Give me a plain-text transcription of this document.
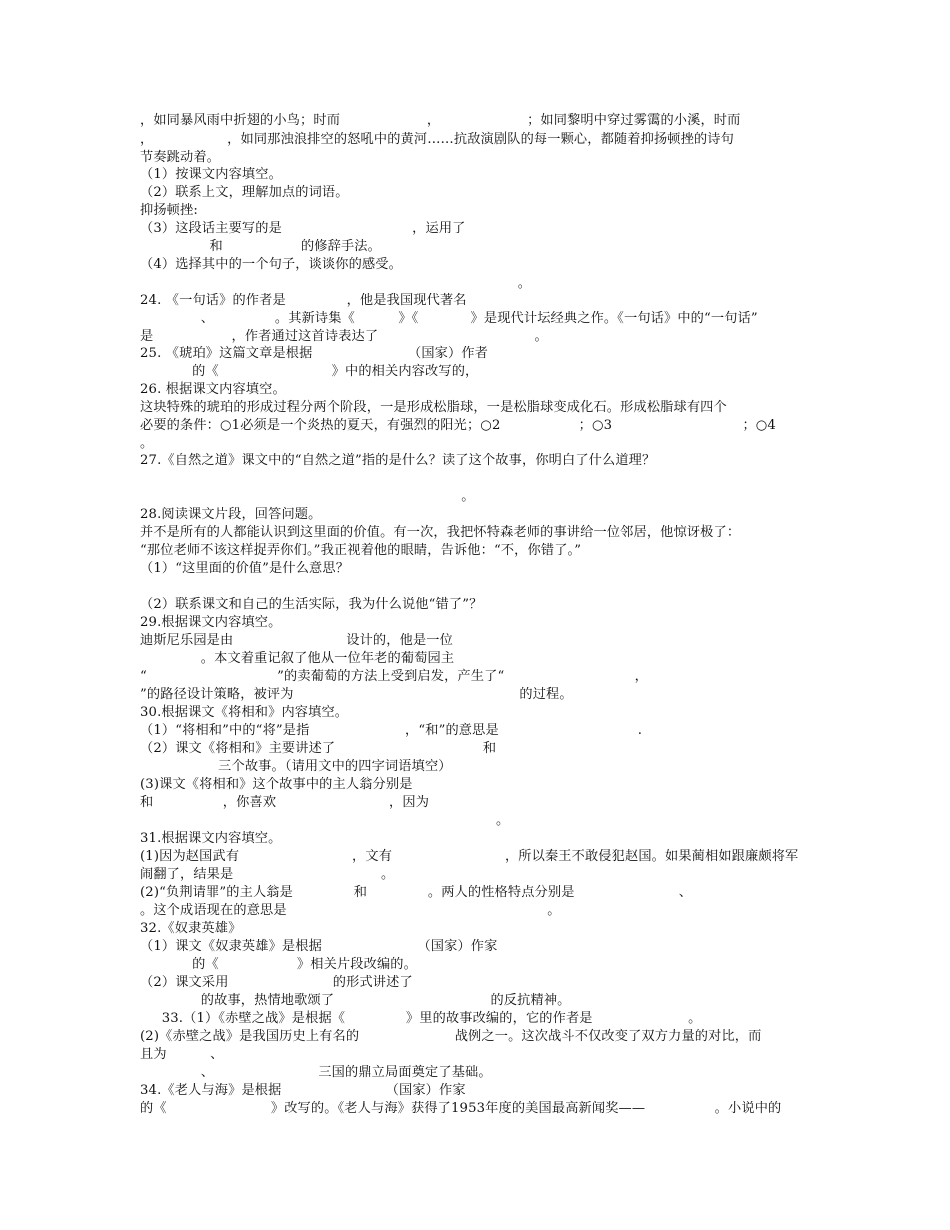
，如同暴风雨中折翅的小鸟；时而                    ，                    ；如同黎明中穿过雾霭的小溪，时而
，                 ，如同那浊浪排空的怒吼中的黄河……抗敌演剧队的每一颗心，都随着抑扬顿挫的诗句
节奏跳动着。
（1）按课文内容填空。
（2）联系上文，理解加点的词语。
抑扬顿挫:
（3）这段话主要写的是                              ，运用了
和                  的修辞手法。
（4）选择其中的一个句子，谈谈你的感受。
。
24. 《一句话》的作者是              ，他是我国现代著名
、              。其新诗集《          》《            》是现代计坛经典之作。《一句话》中的“一句话”
是                  ，作者通过这首诗表达了                                    。
25. 《琥珀》这篇文章是根据                      （国家）作者
的《                          》中的相关内容改写的，
26. 根据课文内容填空。
这块特殊的琥珀的形成过程分两个阶段，一是形成松脂球，一是松脂球变成化石。形成松脂球有四个
必要的条件：○1必须是一个炎热的夏天，有强烈的阳光；○2                  ；○3                              ；○4
。
27.《自然之道》课文中的“自然之道”指的是什么？读了这个故事，你明白了什么道理？
。
28.阅读课文片段，回答问题。
并不是所有的人都能认识到这里面的价值。有一次，我把怀特森老师的事讲给一位邻居，他惊讶极了：
“那位老师不该这样捉弄你们。”我正视着他的眼睛，告诉他：“不，你错了。”
（1）“这里面的价值”是什么意思？
（2）联系课文和自己的生活实际，我为什么说他“错了”？
29.根据课文内容填空。
迪斯尼乐园是由                          设计的，他是一位
。本文着重记叙了他从一位年老的葡萄园主
“                              ”的卖葡萄的方法上受到启发，产生了“                              ，
”的路径设计策略，被评为                                                    的过程。
30.根据课文《将相和》内容填空。
（1）“将相和”中的“将”是指                      ，“和”的意思是                                .
（2）课文《将相和》主要讲述了                                  和
三个故事。（请用文中的四字词语填空）
(3)课文《将相和》这个故事中的主人翁分别是
和                ，你喜欢                          ，因为
。
31.根据课文内容填空。
(1)因为赵国武有                          ，文有                          ，所以秦王不敢侵犯赵国。如果蔺相如跟廉颇将军
闹翻了，结果是                                  。
(2)“负荆请罪”的主人翁是              和              。两人的性格特点分别是                        、
。这个成语现在的意思是                                                            。
32.《奴隶英雄》
（1）课文《奴隶英雄》是根据                      （国家）作家
的《                  》相关片段改编的。
（2）课文采用                        的形式讲述了
的故事，热情地歌颂了                                    的反抗精神。
33.（1）《赤壁之战》是根据《              》里的故事改编的，它的作者是                      。
(2)《赤壁之战》是我国历史上有名的                      战例之一。这次战斗不仅改变了双方力量的对比，而
且为          、
、                        三国的鼎立局面奠定了基础。
34.《老人与海》是根据                        （国家）作家
的《                        》改写的。《老人与海》获得了1953年度的美国最高新闻奖——                。小说中的
